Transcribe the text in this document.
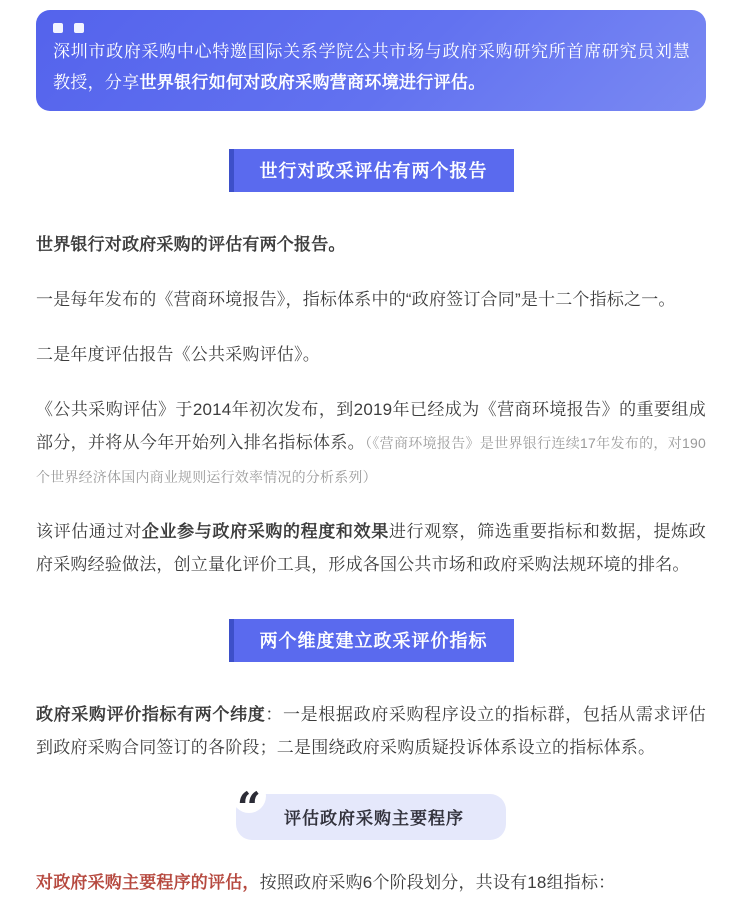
深圳市政府采购中心特邀国际关系学院公共市场与政府采购研究所首席研究员刘慧教授，分享世界银行如何对政府采购营商环境进行评估。

世行对政采评估有两个报告

世界银行对政府采购的评估有两个报告。

一是每年发布的《营商环境报告》，指标体系中的“政府签订合同”是十二个指标之一。

二是年度评估报告《公共采购评估》。

《公共采购评估》于2014年初次发布，到2019年已经成为《营商环境报告》的重要组成部分，并将从今年开始列入排名指标体系。（《营商环境报告》是世界银行连续17年发布的，对190个世界经济体国内商业规则运行效率情况的分析系列）

该评估通过对企业参与政府采购的程度和效果进行观察，筛选重要指标和数据，提炼政府采购经验做法，创立量化评价工具，形成各国公共市场和政府采购法规环境的排名。

两个维度建立政采评价指标

政府采购评价指标有两个纬度：一是根据政府采购程序设立的指标群，包括从需求评估到政府采购合同签订的各阶段；二是围绕政府采购质疑投诉体系设立的指标体系。

“ 评估政府采购主要程序

对政府采购主要程序的评估，按照政府采购6个阶段划分，共设有18组指标：
